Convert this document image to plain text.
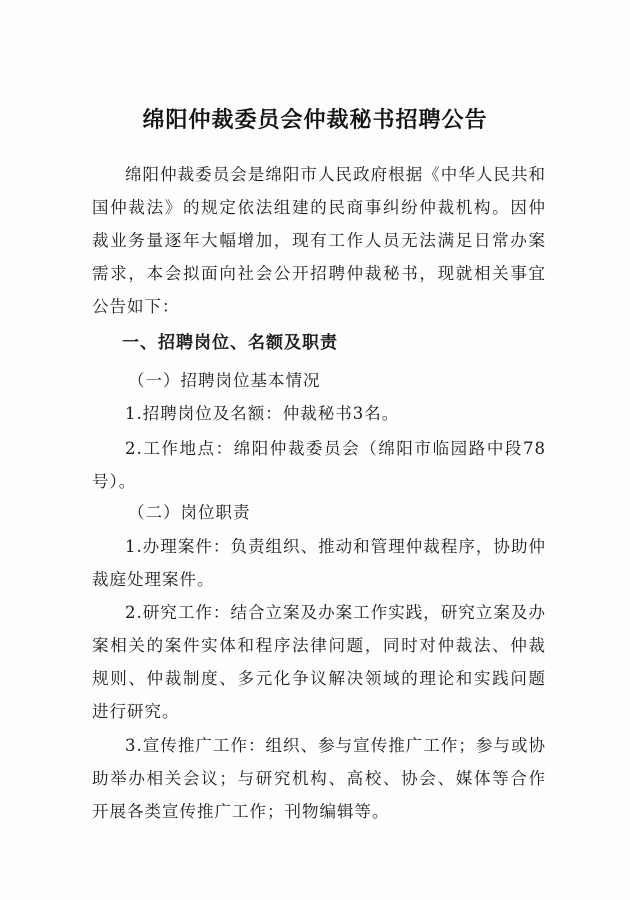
绵阳仲裁委员会仲裁秘书招聘公告

绵阳仲裁委员会是绵阳市人民政府根据《中华人民共和国仲裁法》的规定依法组建的民商事纠纷仲裁机构。因仲裁业务量逐年大幅增加，现有工作人员无法满足日常办案需求，本会拟面向社会公开招聘仲裁秘书，现就相关事宜公告如下：

一、招聘岗位、名额及职责

（一）招聘岗位基本情况

1.招聘岗位及名额：仲裁秘书3名。

2.工作地点：绵阳仲裁委员会（绵阳市临园路中段78号）。

（二）岗位职责

1.办理案件：负责组织、推动和管理仲裁程序，协助仲裁庭处理案件。

2.研究工作：结合立案及办案工作实践，研究立案及办案相关的案件实体和程序法律问题，同时对仲裁法、仲裁规则、仲裁制度、多元化争议解决领域的理论和实践问题进行研究。

3.宣传推广工作：组织、参与宣传推广工作；参与或协助举办相关会议；与研究机构、高校、协会、媒体等合作开展各类宣传推广工作；刊物编辑等。
